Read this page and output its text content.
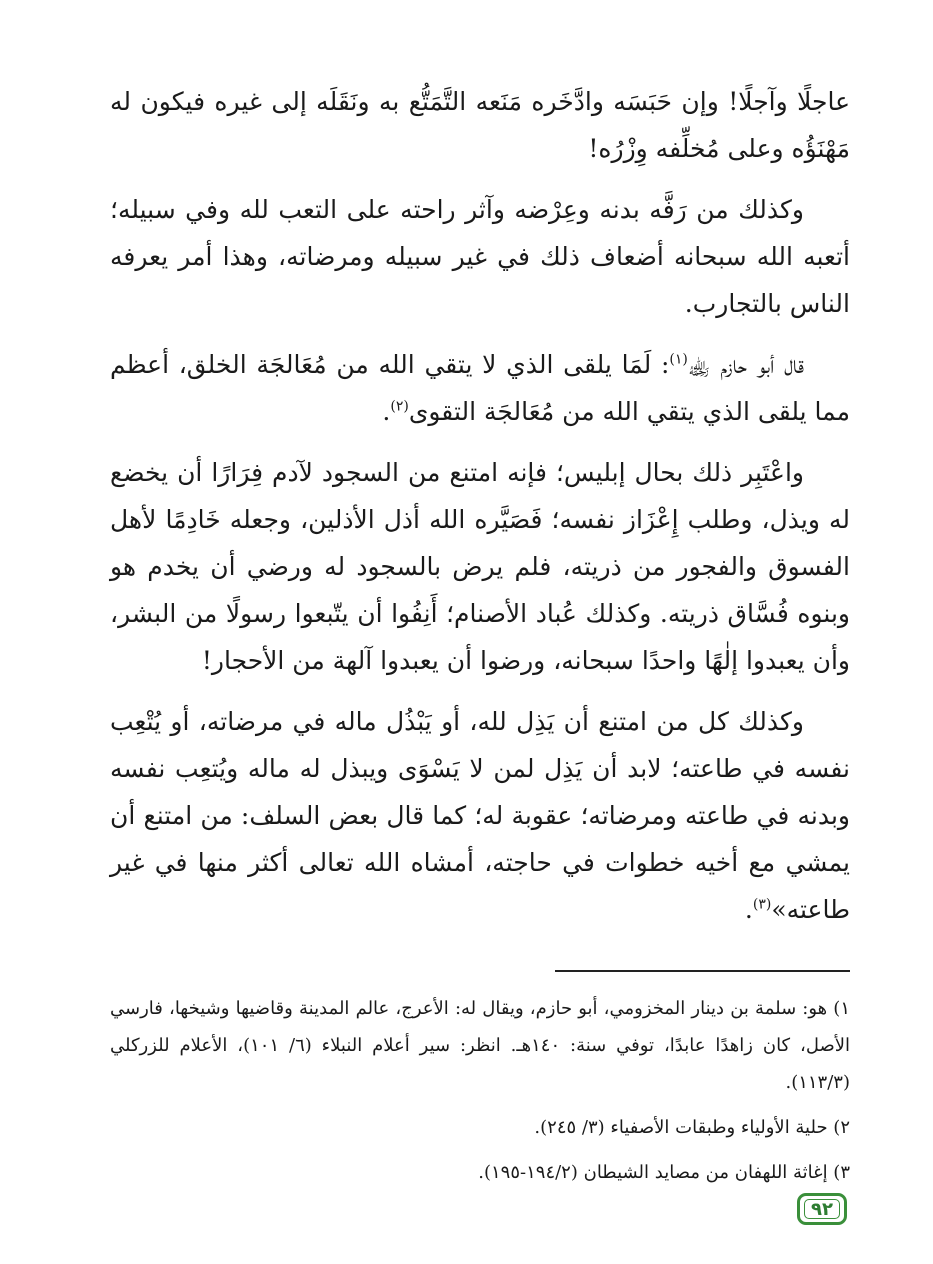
عاجلًا وآجلًا! وإن حَبَسَه وادَّخَره مَنَعه التَّمَتُّع به ونَقَلَه إلى غيره فيكون له مَهْنَؤُه وعلى مُخلِّفه وِزْرُه!

وكذلك من رَفَّه بدنه وعِرْضه وآثر راحته على التعب لله وفي سبيله؛ أتعبه الله سبحانه أضعاف ذلك في غير سبيله ومرضاته، وهذا أمر يعرفه الناس بالتجارب.

قال أبو حازم ﵀$^{(١)}$: لَمَا يلقى الذي لا يتقي الله من مُعَالجَة الخلق، أعظم مما يلقى الذي يتقي الله من مُعَالجَة التقوى$^{(٢)}$.

واعْتَبِر ذلك بحال إبليس؛ فإنه امتنع من السجود لآدم فِرَارًا أن يخضع له ويذل، وطلب إِعْزَاز نفسه؛ فَصَيَّره الله أذل الأذلين، وجعله خَادِمًا لأهل الفسوق والفجور من ذريته، فلم يرض بالسجود له ورضي أن يخدم هو وبنوه فُسَّاق ذريته. وكذلك عُباد الأصنام؛ أَنِفُوا أن يتّبعوا رسولًا من البشر، وأن يعبدوا إلٰهًا واحدًا سبحانه، ورضوا أن يعبدوا آلهة من الأحجار!

وكذلك كل من امتنع أن يَذِل لله، أو يَبْذُل ماله في مرضاته، أو يُتْعِب نفسه في طاعته؛ لابد أن يَذِل لمن لا يَسْوَى ويبذل له ماله ويُتعِب نفسه وبدنه في طاعته ومرضاته؛ عقوبة له؛ كما قال بعض السلف: من امتنع أن يمشي مع أخيه خطوات في حاجته، أمشاه الله تعالى أكثر منها في غير طاعته»$^{(٣)}$.

١) هو: سلمة بن دينار المخزومي، أبو حازم، ويقال له: الأعرج، عالم المدينة وقاضيها وشيخها، فارسي الأصل، كان زاهدًا عابدًا، توفي سنة: ١٤٠هـ. انظر: سير أعلام النبلاء (٦/ ١٠١)، الأعلام للزركلي (١١٣/٣).

٢) حلية الأولياء وطبقات الأصفياء (٣/ ٢٤٥).

٣) إغاثة اللهفان من مصايد الشيطان (١٩٤/٢-١٩٥).

٩٢
